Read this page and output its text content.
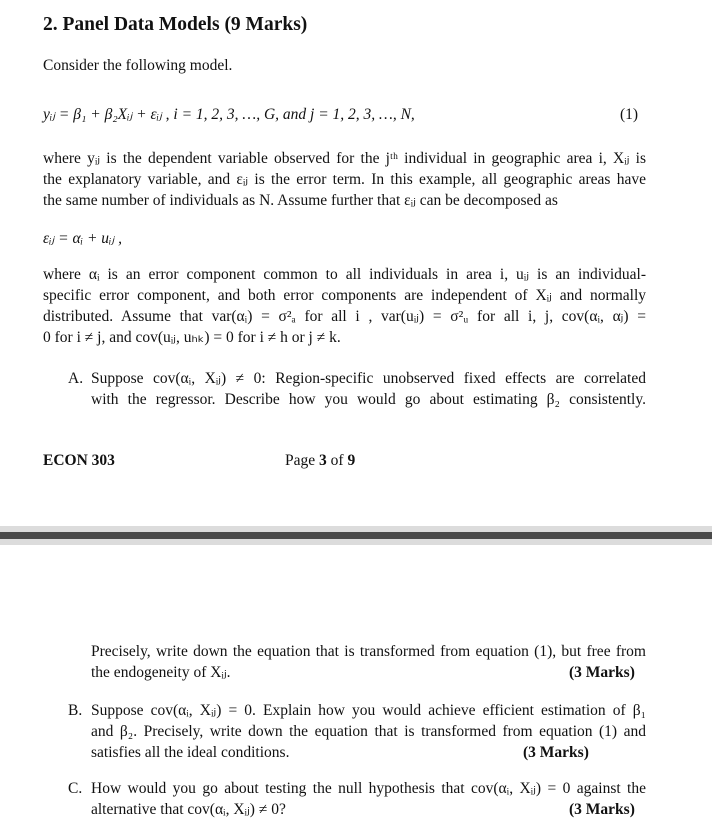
2. Panel Data Models (9 Marks)
Consider the following model.
yᵢⱼ = β₁ + β₂Xᵢⱼ + εᵢⱼ , i = 1, 2, 3, …, G, and j = 1, 2, 3, …, N,	(1)
where yᵢⱼ is the dependent variable observed for the jᵗʰ individual in geographic area i, Xᵢⱼ is
the explanatory variable, and εᵢⱼ is the error term. In this example, all geographic areas have
the same number of individuals as N. Assume further that εᵢⱼ can be decomposed as
εᵢⱼ = αᵢ + uᵢⱼ ,
where αᵢ is an error component common to all individuals in area i, uᵢⱼ is an individual-
specific error component, and both error components are independent of Xᵢⱼ and normally
distributed. Assume that var(αᵢ) = σ²ₐ for all i , var(uᵢⱼ) = σ²ᵤ for all i, j, cov(αᵢ, αⱼ) =
0 for i ≠ j, and cov(uᵢⱼ, uₕₖ) = 0 for i ≠ h or j ≠ k.
A. Suppose cov(αᵢ, Xᵢⱼ) ≠ 0: Region-specific unobserved fixed effects are correlated
with the regressor. Describe how you would go about estimating β₂ consistently.
ECON 303	Page 3 of 9
Precisely, write down the equation that is transformed from equation (1), but free from
the endogeneity of Xᵢⱼ.	(3 Marks)
B. Suppose cov(αᵢ, Xᵢⱼ) = 0. Explain how you would achieve efficient estimation of β₁
and β₂. Precisely, write down the equation that is transformed from equation (1) and
satisfies all the ideal conditions.	(3 Marks)
C. How would you go about testing the null hypothesis that cov(αᵢ, Xᵢⱼ) = 0 against the
alternative that cov(αᵢ, Xᵢⱼ) ≠ 0?	(3 Marks)
